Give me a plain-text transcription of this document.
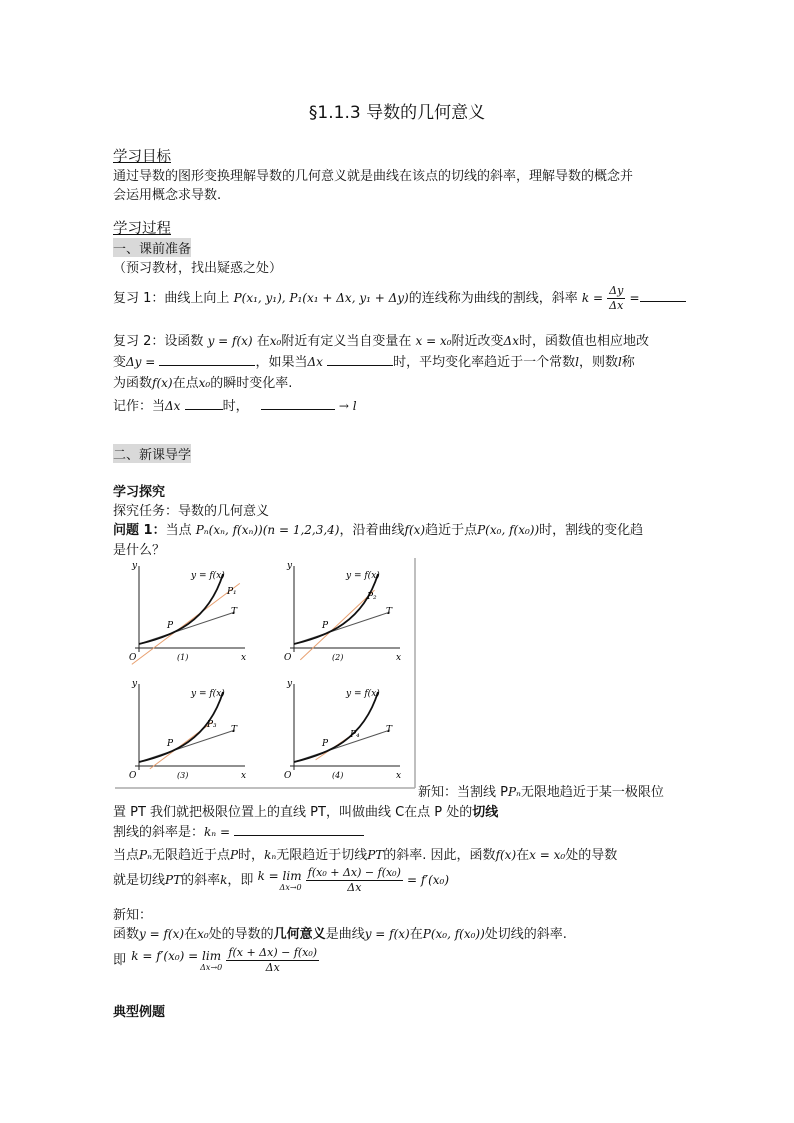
§1.1.3 导数的几何意义
学习目标
通过导数的图形变换理解导数的几何意义就是曲线在该点的切线的斜率，理解导数的概念并
会运用概念求导数.
学习过程
一、课前准备
（预习教材，找出疑惑之处）
复习 1：曲线上向上 P(x₁, y₁), P₁(x₁ + Δx, y₁ + Δy)的连线称为曲线的割线，斜率 $k = \frac{\Delta y}{\Delta x}$ =
复习 2：设函数 y = f(x) 在x₀附近有定义当自变量在 x = x₀附近改变Δx时，函数值也相应地改
变Δy =	，如果当Δx	时，平均变化率趋近于一个常数l，则数l称
为函数f(x)在点x₀的瞬时变化率.
记作：当Δx	时，	→ l
二、新课导学
学习探究
探究任务：导数的几何意义
问题 1：当点 Pₙ(xₙ, f(xₙ))(n = 1,2,3,4)，沿着曲线f(x)趋近于点P(x₀, f(x₀))时，割线的变化趋
是什么？
y
x
O
y = f(x)
P
P₁
T
(1)
y
x
O
y = f(x)
P
P₂
T
(2)
y
x
O
y = f(x)
P
P₃ T
(3)
y
x
O
y = f(x)
P
P₄	T
(4)
新知：当割线 PPₙ无限地趋近于某一极限位
置 PT 我们就把极限位置上的直线 PT，叫做曲线 C在点 P 处的切线
割线的斜率是：kₙ =
当点Pₙ无限趋近于点P时，kₙ无限趋近于切线PT的斜率. 因此，函数f(x)在x = x₀处的导数
就是切线PT的斜率k，即 k = lim
Δx→0
$\frac{\text{f(x₀ + Δx) − f(x₀)}}{\Delta x} = f'(x_0)$
新知：
函数y = f(x)在x₀处的导数的几何意义是曲线y = f(x)在P(x₀, f(x₀))处切线的斜率.
即 k = f′(x₀) = lim
Δx→0
$\frac{\text{f(x + Δx) − f(x₀)}}{\Delta x}$
典型例题
